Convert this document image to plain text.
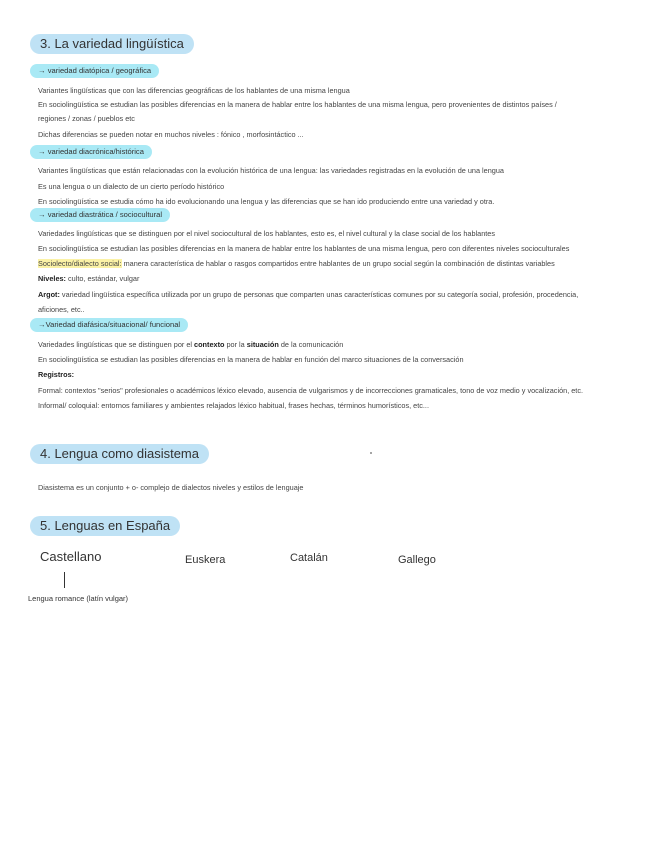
3. La variedad lingüística
→ variedad diatópica / geográfica
Variantes lingüísticas que con las diferencias geográficas de los hablantes de una misma lengua
En sociolingüística se estudian las posibles diferencias en la manera de hablar entre los hablantes de una misma lengua, pero provenientes de distintos países /
regiones / zonas / pueblos etc
Dichas diferencias se pueden notar en muchos niveles : fónico , morfosintáctico ...
→ variedad diacrónica/histórica
Variantes lingüísticas que están relacionadas con la evolución histórica de una lengua: las variedades registradas en la evolución de una lengua
Es una lengua o un dialecto de un cierto período histórico
En sociolingüística se estudia cómo ha ido evolucionando una lengua y las diferencias que se han ido produciendo entre una variedad y otra.
→ variedad diastrática / sociocultural
Variedades lingüísticas que se distinguen por el nivel sociocultural de los hablantes, esto es, el nivel cultural y la clase social de los hablantes
En sociolingüística se estudian las posibles diferencias en la manera de hablar entre los hablantes de una misma lengua, pero con diferentes niveles socioculturales
Sociolecto/dialecto social: manera característica de hablar o rasgos compartidos entre hablantes de un grupo social según la combinación de distintas variables
Niveles: culto, estándar, vulgar
Argot: variedad lingüística específica utilizada por un grupo de personas que comparten unas características comunes por su categoría social, profesión, procedencia,
aficiones, etc..
→Variedad diafásica/situacional/ funcional
Variedades lingüísticas que se distinguen por el contexto por la situación de la comunicación
En sociolingüística se estudian las posibles diferencias en la manera de hablar en función del marco situaciones de la conversación
Registros:
Formal: contextos "serios" profesionales o académicos léxico elevado, ausencia de vulgarismos y de incorrecciones gramaticales, tono de voz medio y vocalización, etc.
Informal/ coloquial: entornos familiares y ambientes relajados léxico habitual, frases hechas, términos humorísticos, etc...
4. Lengua como diasistema
Diasistema es un conjunto + o- complejo de dialectos niveles y estilos de lenguaje
5. Lenguas en España
Castellano	Euskera	Catalán	Gallego
Lengua romance (latín vulgar)
